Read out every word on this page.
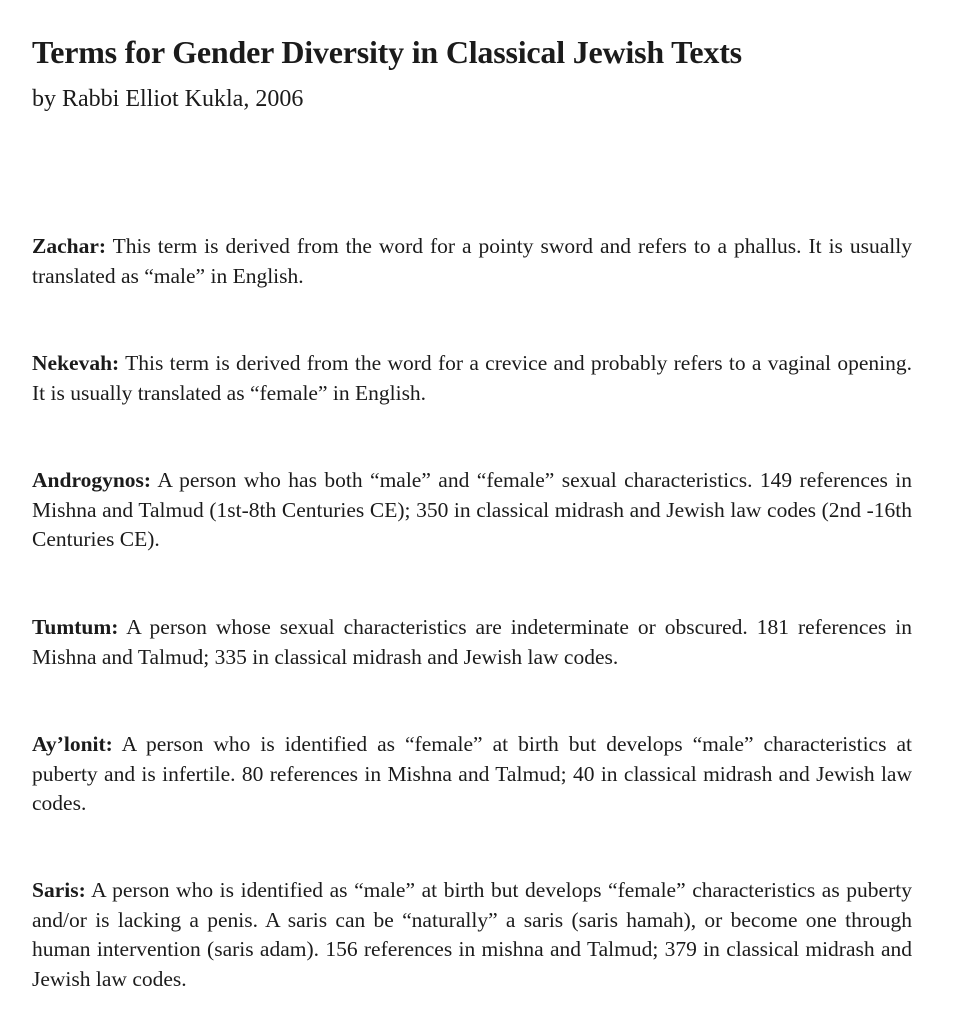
Terms for Gender Diversity in Classical Jewish Texts

by Rabbi Elliot Kukla, 2006

Zachar: This term is derived from the word for a pointy sword and refers to a phallus. It is usually translated as “male” in English.

Nekevah: This term is derived from the word for a crevice and probably refers to a vaginal opening. It is usually translated as “female” in English.

Androgynos: A person who has both “male” and “female” sexual characteristics. 149 references in Mishna and Talmud (1st-8th Centuries CE); 350 in classical midrash and Jewish law codes (2nd -16th Centuries CE).

Tumtum: A person whose sexual characteristics are indeterminate or obscured. 181 references in Mishna and Talmud; 335 in classical midrash and Jewish law codes.

Ay’lonit: A person who is identified as “female” at birth but develops “male” characteristics at puberty and is infertile. 80 references in Mishna and Talmud; 40 in classical midrash and Jewish law codes.

Saris: A person who is identified as “male” at birth but develops “female” characteristics as puberty and/or is lacking a penis. A saris can be “naturally” a saris (saris hamah), or become one through human intervention (saris adam). 156 references in mishna and Talmud; 379 in classical midrash and Jewish law codes.
